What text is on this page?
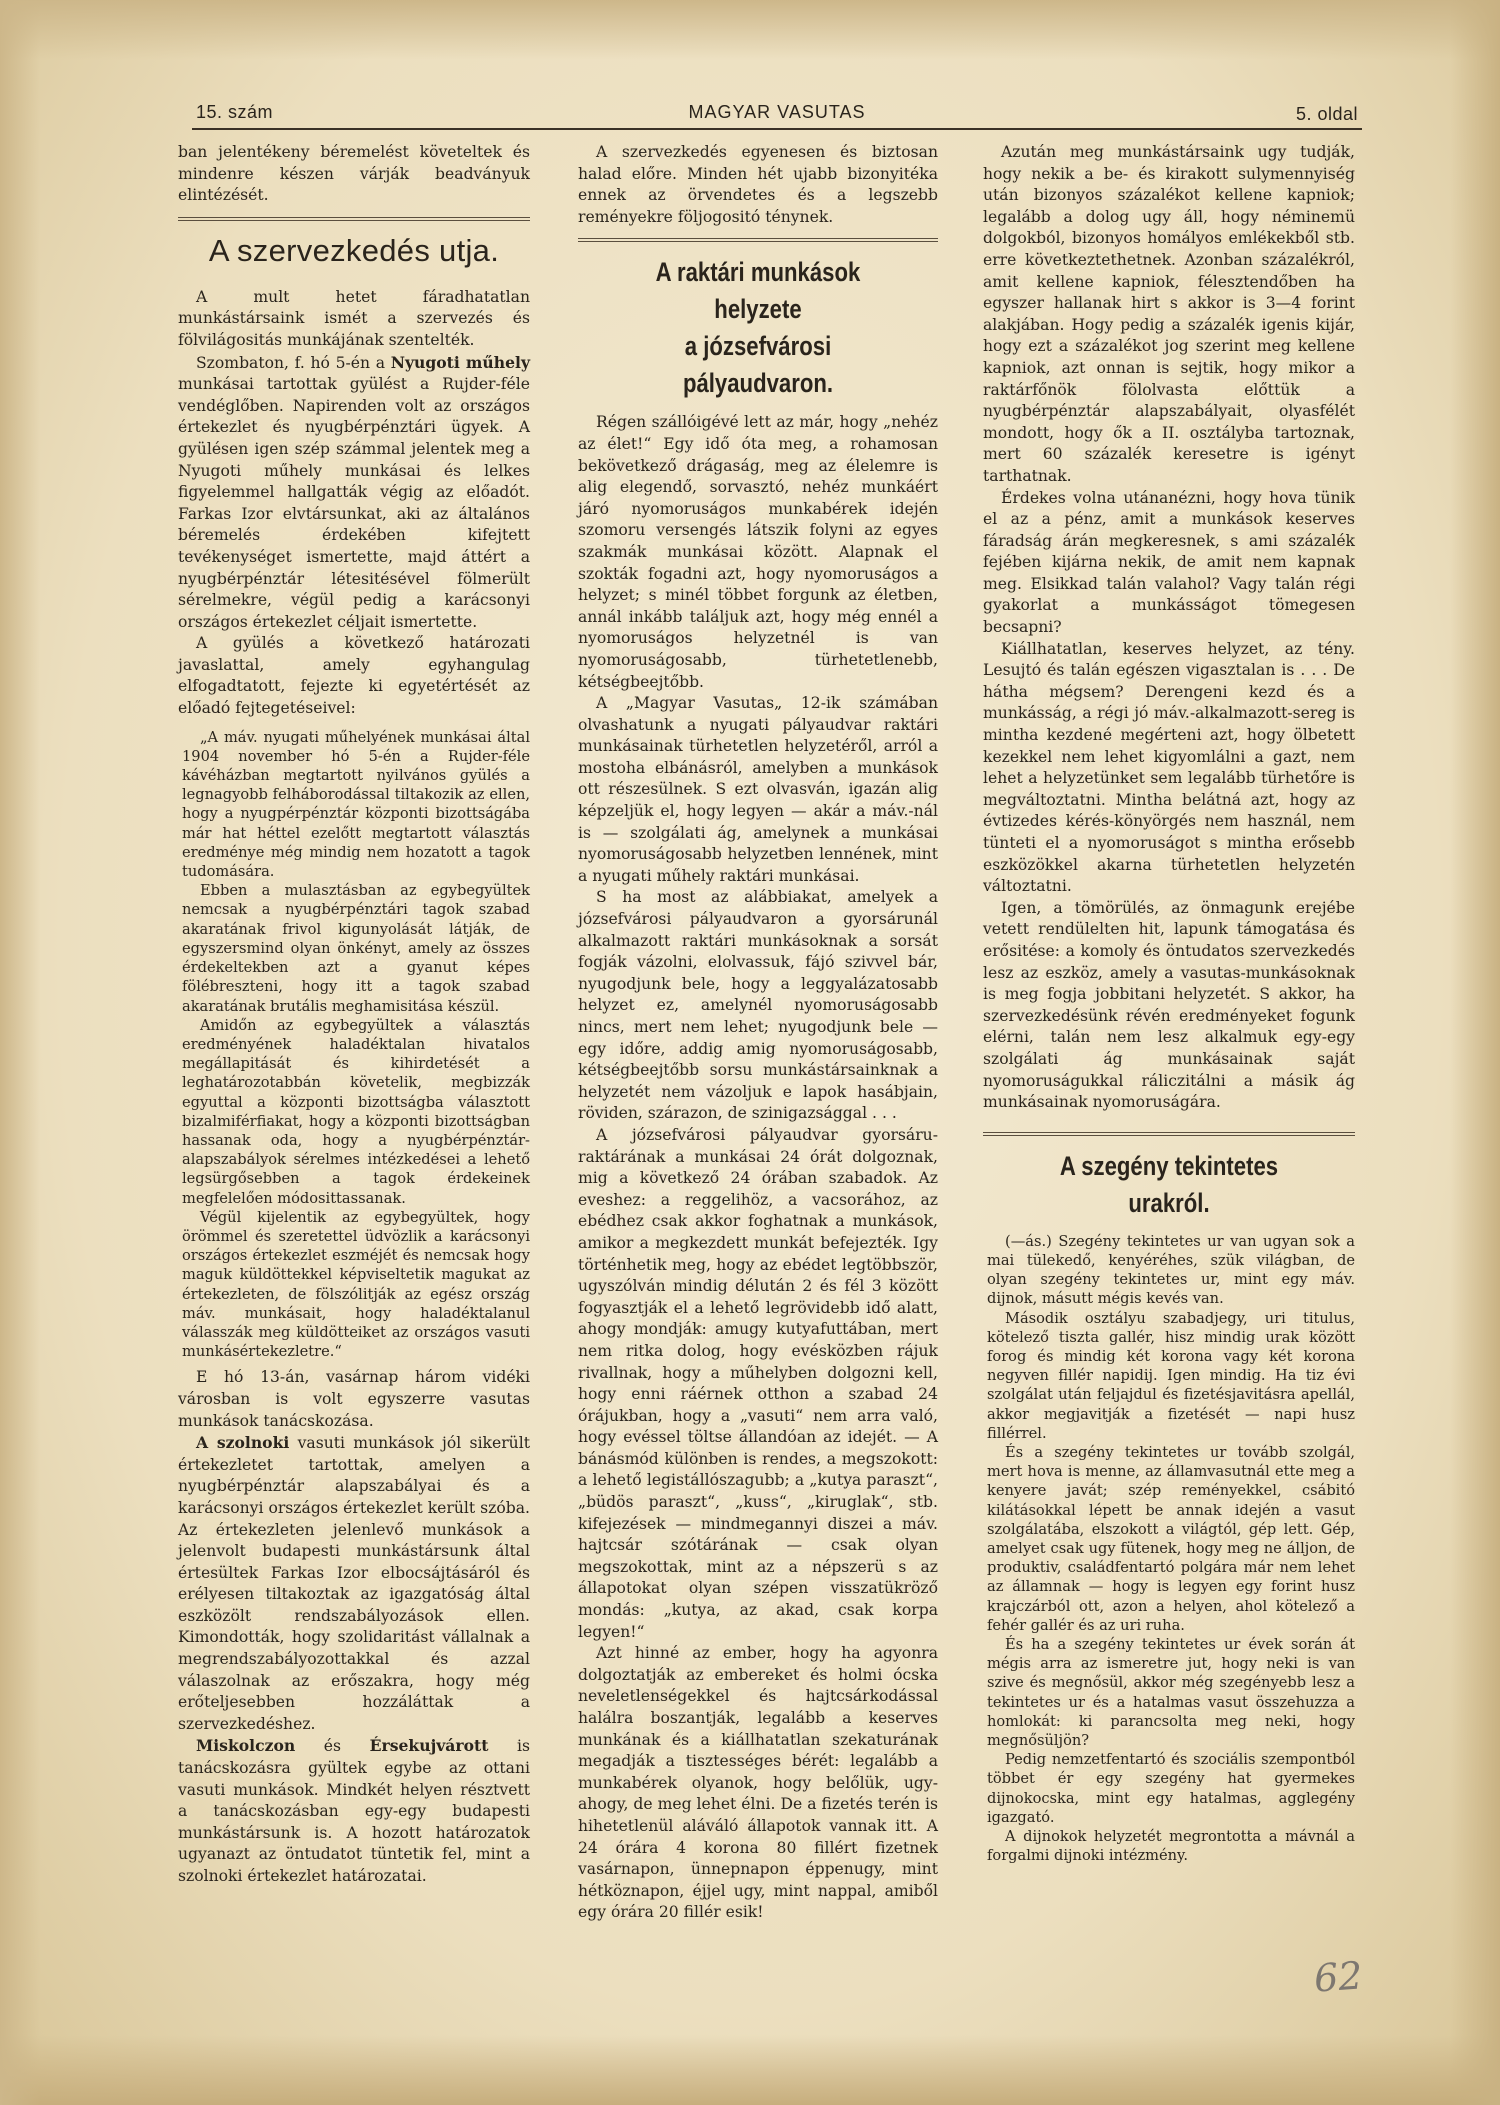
15. szám	MAGYAR VASUTAS	5. oldal

ban jelentékeny béremelést követeltek és mindenre készen várják beadványuk elintézését.

A szervezkedés utja.

A mult hetet fáradhatatlan munkástársaink ismét a szervezés és fölvilágositás munkájának szentelték.

Szombaton, f. hó 5-én a Nyugoti műhely munkásai tartottak gyülést a Rujder-féle vendéglőben. Napirenden volt az országos értekezlet és nyugbérpénztári ügyek. A gyülésen igen szép számmal jelentek meg a Nyugoti műhely munkásai és lelkes figyelemmel hallgatták végig az előadót. Farkas Izor elvtársunkat, aki az általános béremelés érdekében kifejtett tevékenységet ismertette, majd áttért a nyugbérpénztár létesitésével fölmerült sérelmekre, végül pedig a karácsonyi országos értekezlet céljait ismertette.

A gyülés a következő határozati javaslattal, amely egyhangulag elfogadtatott, fejezte ki egyetértését az előadó fejtegetéseivel:

„A máv. nyugati műhelyének munkásai által 1904 november hó 5-én a Rujder-féle kávéházban megtartott nyilvános gyülés a legnagyobb felháborodással tiltakozik az ellen, hogy a nyugpérpénztár központi bizottságába már hat héttel ezelőtt megtartott választás eredménye még mindig nem hozatott a tagok tudomására.

Ebben a mulasztásban az egybegyültek nemcsak a nyugbérpénztári tagok szabad akaratának frivol kigunyolását látják, de egyszersmind olyan önkényt, amely az összes érdekeltekben azt a gyanut képes fölébreszteni, hogy itt a tagok szabad akaratának brutális meghamisitása készül.

Amidőn az egybegyültek a választás eredményének haladéktalan hivatalos megállapitását és kihirdetését a leghatározotabbán követelik, megbizzák egyuttal a központi bizottságba választott bizalmiférfiakat, hogy a központi bizottságban hassanak oda, hogy a nyugbérpénztár-alapszabályok sérelmes intézkedései a lehető legsürgősebben a tagok érdekeinek megfelelően módosittassanak.

Végül kijelentik az egybegyültek, hogy örömmel és szeretettel üdvözlik a karácsonyi országos értekezlet eszméjét és nemcsak hogy maguk küldöttekkel képviseltetik magukat az értekezleten, de fölszólitják az egész ország máv. munkásait, hogy haladéktalanul válasszák meg küldötteiket az országos vasuti munkásértekezletre.“

E hó 13-án, vasárnap három vidéki városban is volt egyszerre vasutas munkások tanácskozása.

A szolnoki vasuti munkások jól sikerült értekezletet tartottak, amelyen a nyugbérpénztár alapszabályai és a karácsonyi országos értekezlet került szóba. Az értekezleten jelenlevő munkások a jelenvolt budapesti munkástársunk által értesültek Farkas Izor elbocsájtásáról és erélyesen tiltakoztak az igazgatóság által eszközölt rendszabályozások ellen. Kimondották, hogy szolidaritást vállalnak a megrendszabályozottakkal és azzal válaszolnak az erőszakra, hogy még erőteljesebben hozzáláttak a szervezkedéshez.

Miskolczon és Érsekujvárott is tanácskozásra gyültek egybe az ottani vasuti munkások. Mindkét helyen résztvett a tanácskozásban egy-egy budapesti munkástársunk is. A hozott határozatok ugyanazt az öntudatot tüntetik fel, mint a szolnoki értekezlet határozatai.

A szervezkedés egyenesen és biztosan halad előre. Minden hét ujabb bizonyitéka ennek az örvendetes és a legszebb reményekre följogositó ténynek.

A raktári munkások helyzete
a józsefvárosi pályaudvaron.

Régen szállóigévé lett az már, hogy „nehéz az élet!“ Egy idő óta meg, a rohamosan bekövetkező drágaság, meg az élelemre is alig elegendő, sorvasztó, nehéz munkáért járó nyomoruságos munkabérek idején szomoru versengés látszik folyni az egyes szakmák munkásai között. Alapnak el szokták fogadni azt, hogy nyomoruságos a helyzet; s minél többet forgunk az életben, annál inkább találjuk azt, hogy még ennél a nyomoruságos helyzetnél is van nyomoruságosabb, türhetetlenebb, kétségbeejtőbb.

A „Magyar Vasutas„ 12-ik számában olvashatunk a nyugati pályaudvar raktári munkásainak türhetetlen helyzetéről, arról a mostoha elbánásról, amelyben a munkások ott részesülnek. S ezt olvasván, igazán alig képzeljük el, hogy legyen — akár a máv.-nál is — szolgálati ág, amelynek a munkásai nyomoruságosabb helyzetben lennének, mint a nyugati műhely raktári munkásai.

S ha most az alábbiakat, amelyek a józsefvárosi pályaudvaron a gyorsárunál alkalmazott raktári munkásoknak a sorsát fogják vázolni, elolvassuk, fájó szivvel bár, nyugodjunk bele, hogy a leggyalázatosabb helyzet ez, amelynél nyomoruságosabb nincs, mert nem lehet; nyugodjunk bele — egy időre, addig amig nyomoruságosabb, kétségbeejtőbb sorsu munkástársainknak a helyzetét nem vázoljuk e lapok hasábjain, röviden, szárazon, de szinigazsággal . . .

A józsefvárosi pályaudvar gyorsáru-raktárának a munkásai 24 órát dolgoznak, mig a következő 24 órában szabadok. Az eveshez: a reggelihöz, a vacsorához, az ebédhez csak akkor foghatnak a munkások, amikor a megkezdett munkát befejezték. Igy történhetik meg, hogy az ebédet legtöbbször, ugyszólván mindig délután 2 és fél 3 között fogyasztják el a lehető legrövidebb idő alatt, ahogy mondják: amugy kutyafuttában, mert nem ritka dolog, hogy evésközben rájuk rivallnak, hogy a műhelyben dolgozni kell, hogy enni ráérnek otthon a szabad 24 órájukban, hogy a „vasuti“ nem arra való, hogy evéssel töltse állandóan az idejét. — A bánásmód különben is rendes, a megszokott: a lehető legistállószagubb; a „kutya paraszt“, „büdös paraszt“, „kuss“, „kiruglak“, stb. kifejezések — mindmegannyi diszei a máv. hajtcsár szótárának — csak olyan megszokottak, mint az a népszerü s az állapotokat olyan szépen visszatükröző mondás: „kutya, az akad, csak korpa legyen!“

Azt hinné az ember, hogy ha agyonra dolgoztatják az embereket és holmi ócska neveletlenségekkel és hajtcsárkodással halálra boszantják, legalább a keserves munkának és a kiállhatatlan szekaturának megadják a tisztességes bérét: legalább a munkabérek olyanok, hogy belőlük, ugy-ahogy, de meg lehet élni. De a fizetés terén is hihetetlenül aláváló állapotok vannak itt. A 24 órára 4 korona 80 fillért fizetnek vasárnapon, ünnepnapon éppenugy, mint hétköznapon, éjjel ugy, mint nappal, amiből egy órára 20 fillér esik!

Azután meg munkástársaink ugy tudják, hogy nekik a be- és kirakott sulymennyiség után bizonyos százalékot kellene kapniok; legalább a dolog ugy áll, hogy néminemü dolgokból, bizonyos homályos emlékekből stb. erre következtethetnek. Azonban százalékról, amit kellene kapniok, félesztendőben ha egyszer hallanak hirt s akkor is 3—4 forint alakjában. Hogy pedig a százalék igenis kijár, hogy ezt a százalékot jog szerint meg kellene kapniok, azt onnan is sejtik, hogy mikor a raktárfőnök fölolvasta előttük a nyugbérpénztár alapszabályait, olyasfélét mondott, hogy ők a II. osztályba tartoznak, mert 60 százalék keresetre is igényt tarthatnak.

Érdekes volna utánanézni, hogy hova tünik el az a pénz, amit a munkások keserves fáradság árán megkeresnek, s ami százalék fejében kijárna nekik, de amit nem kapnak meg. Elsikkad talán valahol? Vagy talán régi gyakorlat a munkásságot tömegesen becsapni?

Kiállhatatlan, keserves helyzet, az tény. Lesujtó és talán egészen vigasztalan is . . . De hátha mégsem? Derengeni kezd és a munkásság, a régi jó máv.-alkalmazott-sereg is mintha kezdené megérteni azt, hogy ölbetett kezekkel nem lehet kigyomlálni a gazt, nem lehet a helyzetünket sem legalább türhetőre is megváltoztatni. Mintha belátná azt, hogy az évtizedes kérés-könyörgés nem használ, nem tünteti el a nyomoruságot s mintha erősebb eszközökkel akarna türhetetlen helyzetén változtatni.

Igen, a tömörülés, az önmagunk erejébe vetett rendülelten hit, lapunk támogatása és erősitése: a komoly és öntudatos szervezkedés lesz az eszköz, amely a vasutas-munkásoknak is meg fogja jobbitani helyzetét. S akkor, ha szervezkedésünk révén eredményeket fogunk elérni, talán nem lesz alkalmuk egy-egy szolgálati ág munkásainak saját nyomoruságukkal ráliczitálni a másik ág munkásainak nyomoruságára.

A szegény tekintetes urakról.

(—ás.) Szegény tekintetes ur van ugyan sok a mai tülekedő, kenyéréhes, szük világban, de olyan szegény tekintetes ur, mint egy máv. dijnok, másutt mégis kevés van.

Második osztályu szabadjegy, uri titulus, kötelező tiszta gallér, hisz mindig urak között forog és mindig két korona vagy két korona negyven fillér napidij. Igen mindig. Ha tiz évi szolgálat után feljajdul és fizetésjavitásra apellál, akkor megjavitják a fizetését — napi husz fillérrel.

És a szegény tekintetes ur tovább szolgál, mert hova is menne, az államvasutnál ette meg a kenyere javát; szép reményekkel, csábitó kilátásokkal lépett be annak idején a vasut szolgálatába, elszokott a világtól, gép lett. Gép, amelyet csak ugy fütenek, hogy meg ne álljon, de produktiv, családfentartó polgára már nem lehet az államnak — hogy is legyen egy forint husz krajczárból ott, azon a helyen, ahol kötelező a fehér gallér és az uri ruha.

És ha a szegény tekintetes ur évek során át mégis arra az ismeretre jut, hogy neki is van szive és megnősül, akkor még szegényebb lesz a tekintetes ur és a hatalmas vasut összehuzza a homlokát: ki parancsolta meg neki, hogy megnősüljön?

Pedig nemzetfentartó és szociális szempontból többet ér egy szegény hat gyermekes dijnokocska, mint egy hatalmas, agglegény igazgató.

A dijnokok helyzetét megrontotta a mávnál a forgalmi dijnoki intézmény.

62
